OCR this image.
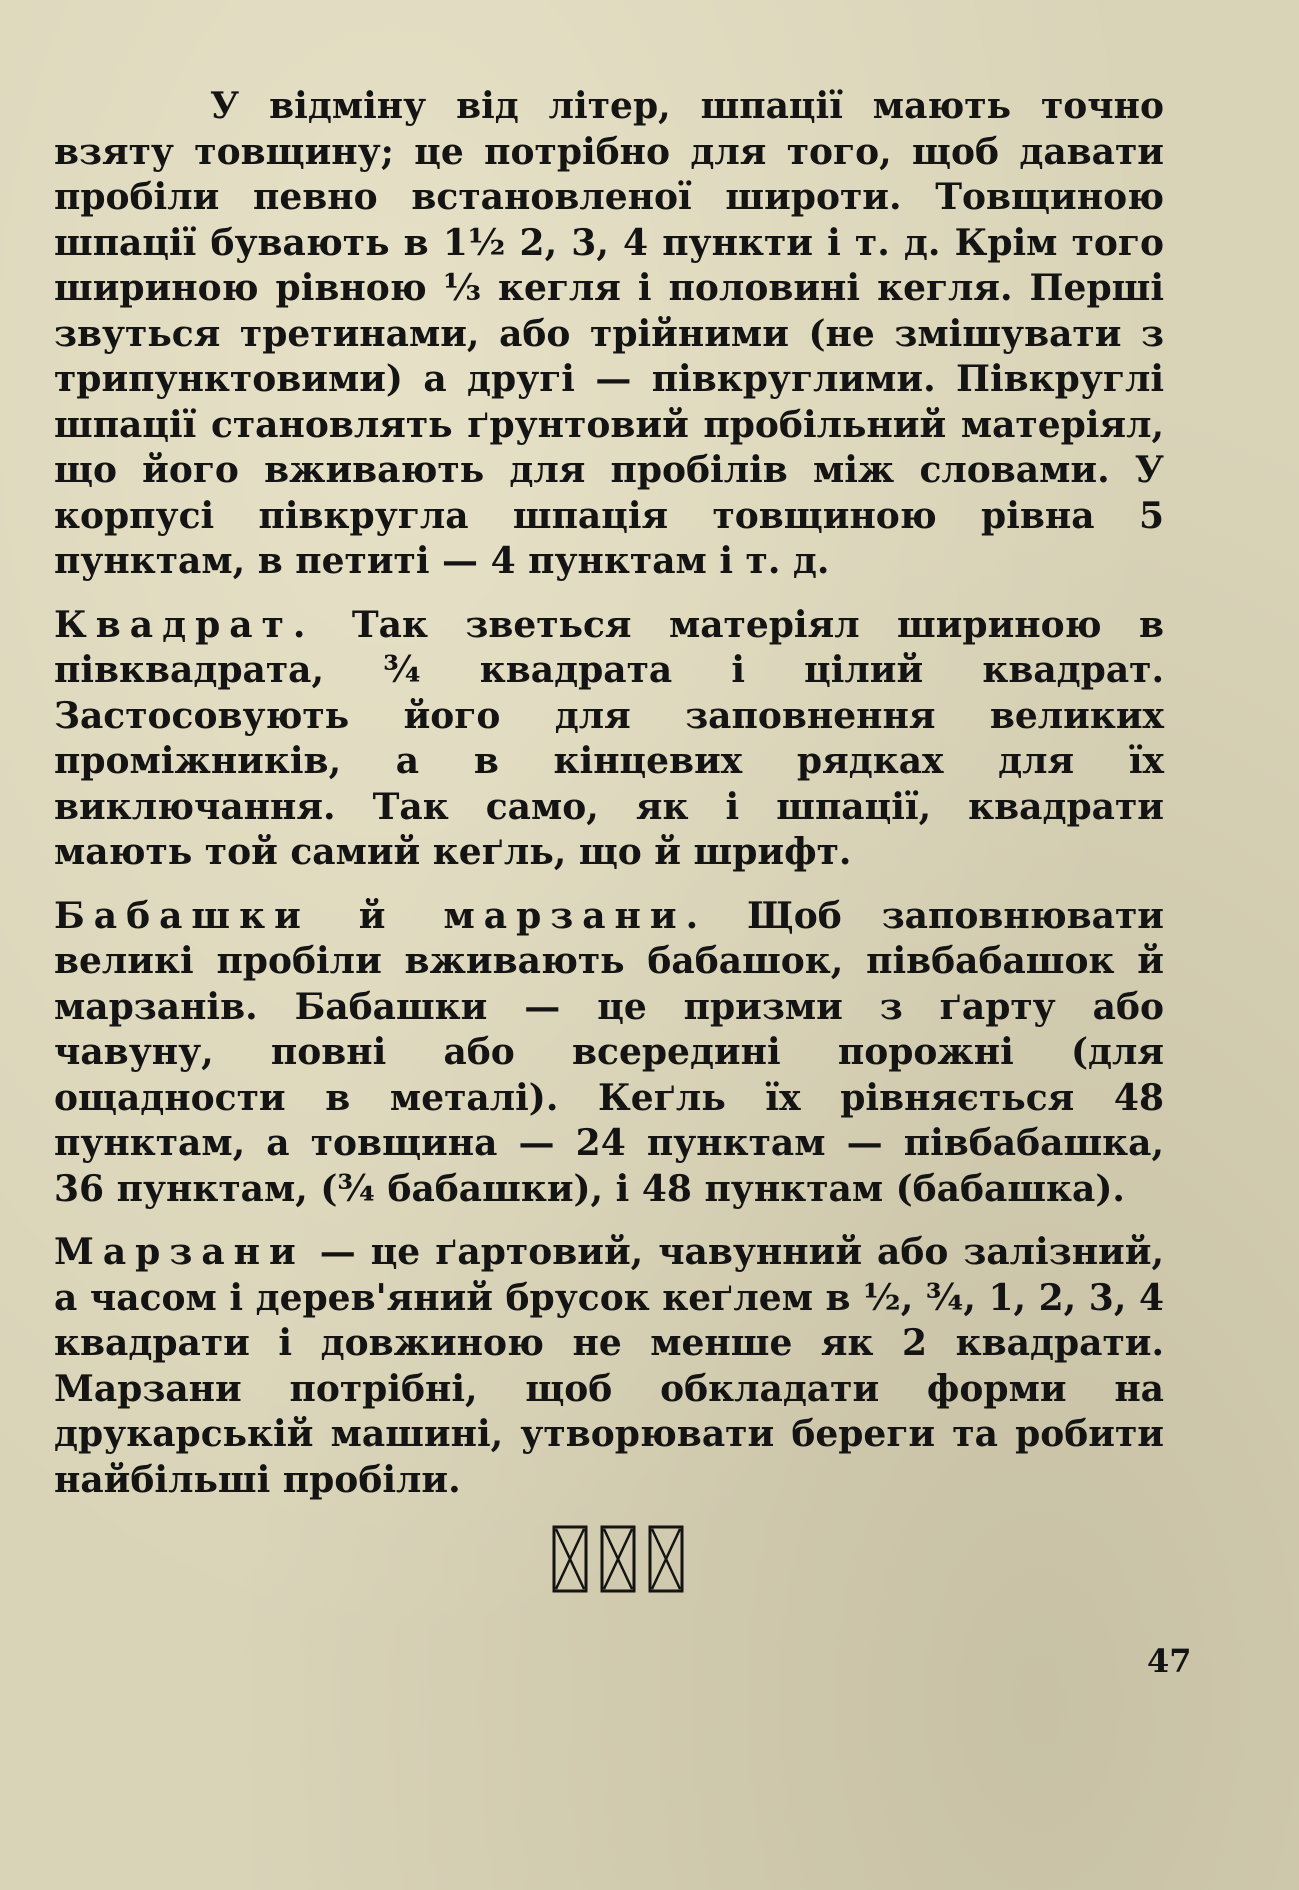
У відміну від літер, шпації мають точно взяту товщину; це потрібно для того, щоб давати пробіли певно встановленої широти. Товщиною шпації бувають в 1½ 2, 3, 4 пункти і т. д. Крім того шириною рівною ⅓ кегля і половині кегля. Перші звуться третинами, або трійними (не змішувати з трипунктовими) а другі — півкруглими. Півкруглі шпації становлять ґрунтовий пробільний матеріял, що його вживають для пробілів між словами. У корпусі півкругла шпація товщиною рівна 5 пунктам, в петиті — 4 пунктам і т. д.

Квадрат. Так зветься матеріял шириною в півквадрата, ¾ квадрата і цілий квадрат. Застосовують його для заповнення великих проміжників, а в кінцевих рядках для їх виключання. Так само, як і шпації, квадрати мають той самий кеґль, що й шрифт.

Бабашки й марзани. Щоб заповнювати великі пробіли вживають бабашок, півбабашок й марзанів. Бабашки — це призми з ґарту або чавуну, повні або всередині порожні (для ощадности в металі). Кеґль їх рівняється 48 пунктам, а товщина — 24 пунктам — півбабашка, 36 пунктам, (¾ бабашки), і 48 пунктам (бабашка).

Марзани — це ґартовий, чавунний або залізний, а часом і дерев'яний брусок кеґлем в ½, ¾, 1, 2, 3, 4 квадрати і довжиною не менше як 2 квадрати. Марзани потрібні, щоб обкладати форми на друкарській машині, утворювати береги та робити найбільші пробіли.

47
